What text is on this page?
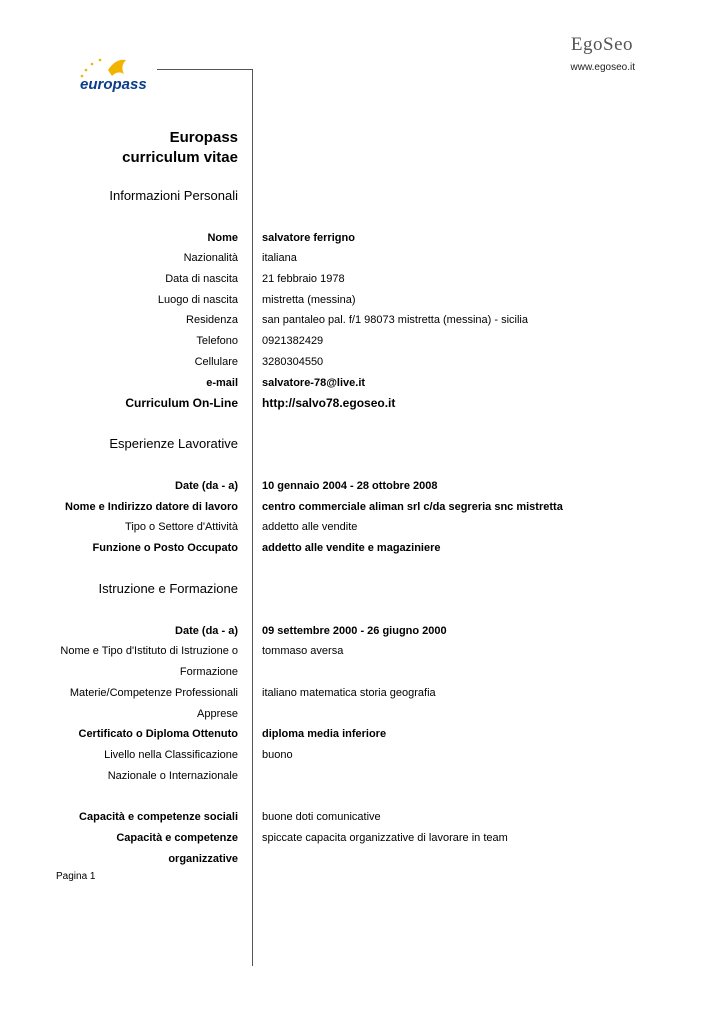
EgoSeo
www.egoseo.it
europass
Europass
curriculum vitae
Informazioni Personali
Nome salvatore ferrigno
Nazionalità italiana
Data di nascita 21 febbraio 1978
Luogo di nascita mistretta (messina)
Residenza san pantaleo pal. f/1 98073 mistretta (messina) - sicilia
Telefono 0921382429
Cellulare 3280304550
e-mail salvatore-78@live.it
Curriculum On-Line http://salvo78.egoseo.it
Esperienze Lavorative
Date (da - a) 10 gennaio 2004 - 28 ottobre 2008
Nome e Indirizzo datore di lavoro centro commerciale aliman srl c/da segreria snc mistretta
Tipo o Settore d'Attività addetto alle vendite
Funzione o Posto Occupato addetto alle vendite e magaziniere
Istruzione e Formazione
Date (da - a) 09 settembre 2000 - 26 giugno 2000
Nome e Tipo d'Istituto di Istruzione o
Formazione
tommaso aversa
Materie/Competenze Professionali
Apprese
italiano matematica storia geografia
Certificato o Diploma Ottenuto diploma media inferiore
Livello nella Classificazione
Nazionale o Internazionale
buono
Capacità e competenze sociali buone doti comunicative
Capacità e competenze
organizzative
spiccate capacita organizzative di lavorare in team
Pagina 1
